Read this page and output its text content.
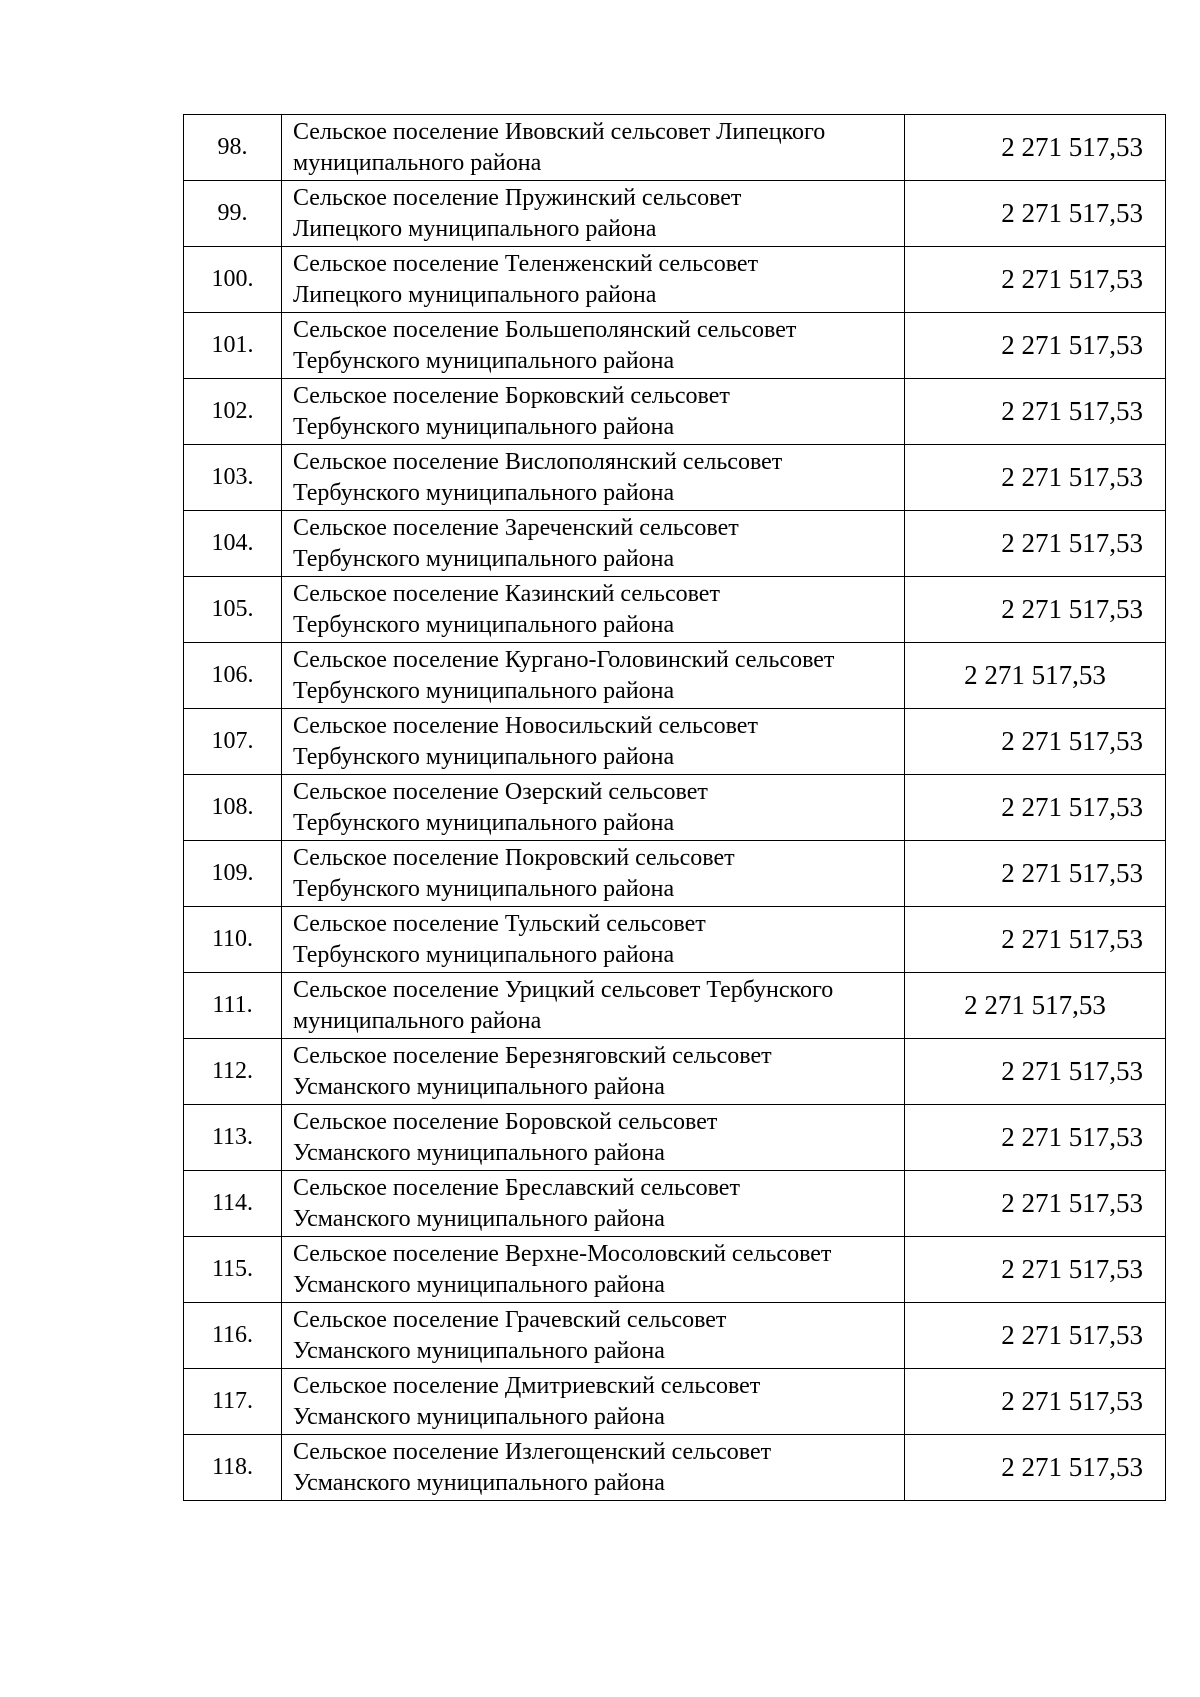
98.	Сельское поселение Ивовский сельсовет Липецкого
муниципального района	2 271 517,53
99.	Сельское поселение Пружинский сельсовет
Липецкого муниципального района	2 271 517,53
100.	Сельское поселение Теленженский сельсовет
Липецкого муниципального района	2 271 517,53
101.	Сельское поселение Большеполянский сельсовет
Тербунского муниципального района	2 271 517,53
102.	Сельское поселение Борковский сельсовет
Тербунского муниципального района	2 271 517,53
103.	Сельское поселение Вислополянский сельсовет
Тербунского муниципального района	2 271 517,53
104.	Сельское поселение Зареченский сельсовет
Тербунского муниципального района	2 271 517,53
105.	Сельское поселение Казинский сельсовет
Тербунского муниципального района	2 271 517,53
106.	Сельское поселение Кургано-Головинский сельсовет
Тербунского муниципального района	2 271 517,53
107.	Сельское поселение Новосильский сельсовет
Тербунского муниципального района	2 271 517,53
108.	Сельское поселение Озерский сельсовет
Тербунского муниципального района	2 271 517,53
109.	Сельское поселение Покровский сельсовет
Тербунского муниципального района	2 271 517,53
110.	Сельское поселение Тульский сельсовет
Тербунского муниципального района	2 271 517,53
111.	Сельское поселение Урицкий сельсовет Тербунского
муниципального района	2 271 517,53
112.	Сельское поселение Березняговский сельсовет
Усманского муниципального района	2 271 517,53
113.	Сельское поселение Боровской сельсовет
Усманского муниципального района	2 271 517,53
114.	Сельское поселение Бреславский сельсовет
Усманского муниципального района	2 271 517,53
115.	Сельское поселение Верхне-Мосоловский сельсовет
Усманского муниципального района	2 271 517,53
116.	Сельское поселение Грачевский сельсовет
Усманского муниципального района	2 271 517,53
117.	Сельское поселение Дмитриевский сельсовет
Усманского муниципального района	2 271 517,53
118.	Сельское поселение Излегощенский сельсовет
Усманского муниципального района	2 271 517,53
